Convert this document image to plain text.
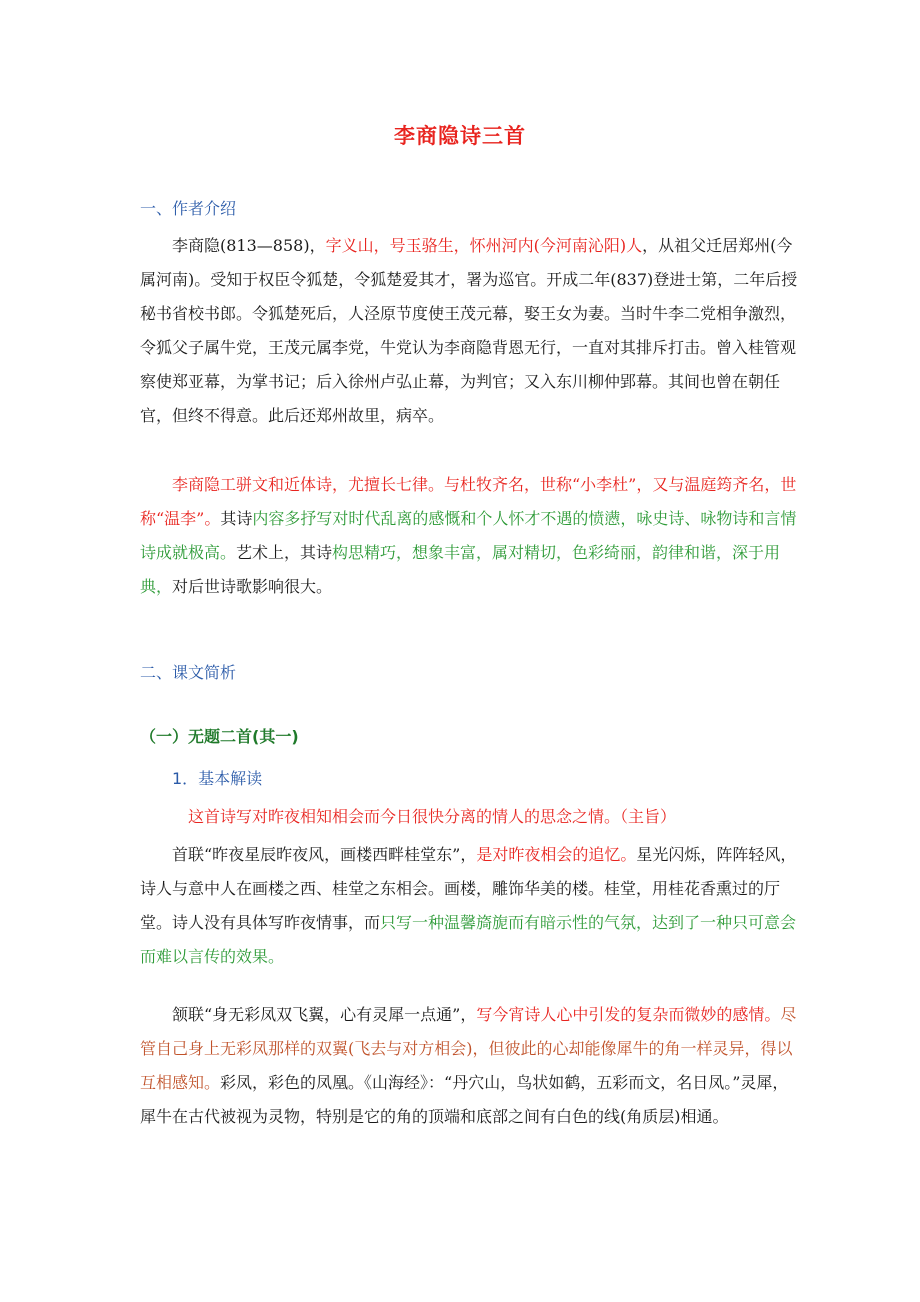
李商隐诗三首
一、作者介绍

李商隐(813—858)，字义山，号玉骆生，怀州河内(今河南沁阳)人，从祖父迁居郑州(今属河南)。受知于权臣令狐楚，令狐楚爱其才，署为巡官。开成二年(837)登进士第，二年后授秘书省校书郎。令狐楚死后，人泾原节度使王茂元幕，娶王女为妻。当时牛李二党相争激烈，令狐父子属牛党，王茂元属李党，牛党认为李商隐背恩无行，一直对其排斥打击。曾入桂管观察使郑亚幕，为掌书记；后入徐州卢弘止幕，为判官；又入东川柳仲郢幕。其间也曾在朝任官，但终不得意。此后还郑州故里，病卒。

李商隐工骈文和近体诗，尤擅长七律。与杜牧齐名，世称“小李杜”，又与温庭筠齐名，世称“温李”。其诗内容多抒写对时代乱离的感慨和个人怀才不遇的愤懑，咏史诗、咏物诗和言情诗成就极高。艺术上，其诗构思精巧，想象丰富，属对精切，色彩绮丽，韵律和谐，深于用典，对后世诗歌影响很大。

二、课文简析
（一）无题二首(其一)
1．基本解读
这首诗写对昨夜相知相会而今日很快分离的情人的思念之情。（主旨）

首联“昨夜星辰昨夜风，画楼西畔桂堂东”，是对昨夜相会的追忆。星光闪烁，阵阵轻风，诗人与意中人在画楼之西、桂堂之东相会。画楼，雕饰华美的楼。桂堂，用桂花香熏过的厅堂。诗人没有具体写昨夜情事，而只写一种温馨旖旎而有暗示性的气氛，达到了一种只可意会而难以言传的效果。

颔联“身无彩凤双飞翼，心有灵犀一点通”，写今宵诗人心中引发的复杂而微妙的感情。尽管自己身上无彩凤那样的双翼(飞去与对方相会)，但彼此的心却能像犀牛的角一样灵异，得以互相感知。彩凤，彩色的凤凰。《山海经》：“丹穴山，鸟状如鹤，五彩而文，名日凤。”灵犀，犀牛在古代被视为灵物，特别是它的角的顶端和底部之间有白色的线(角质层)相通。
